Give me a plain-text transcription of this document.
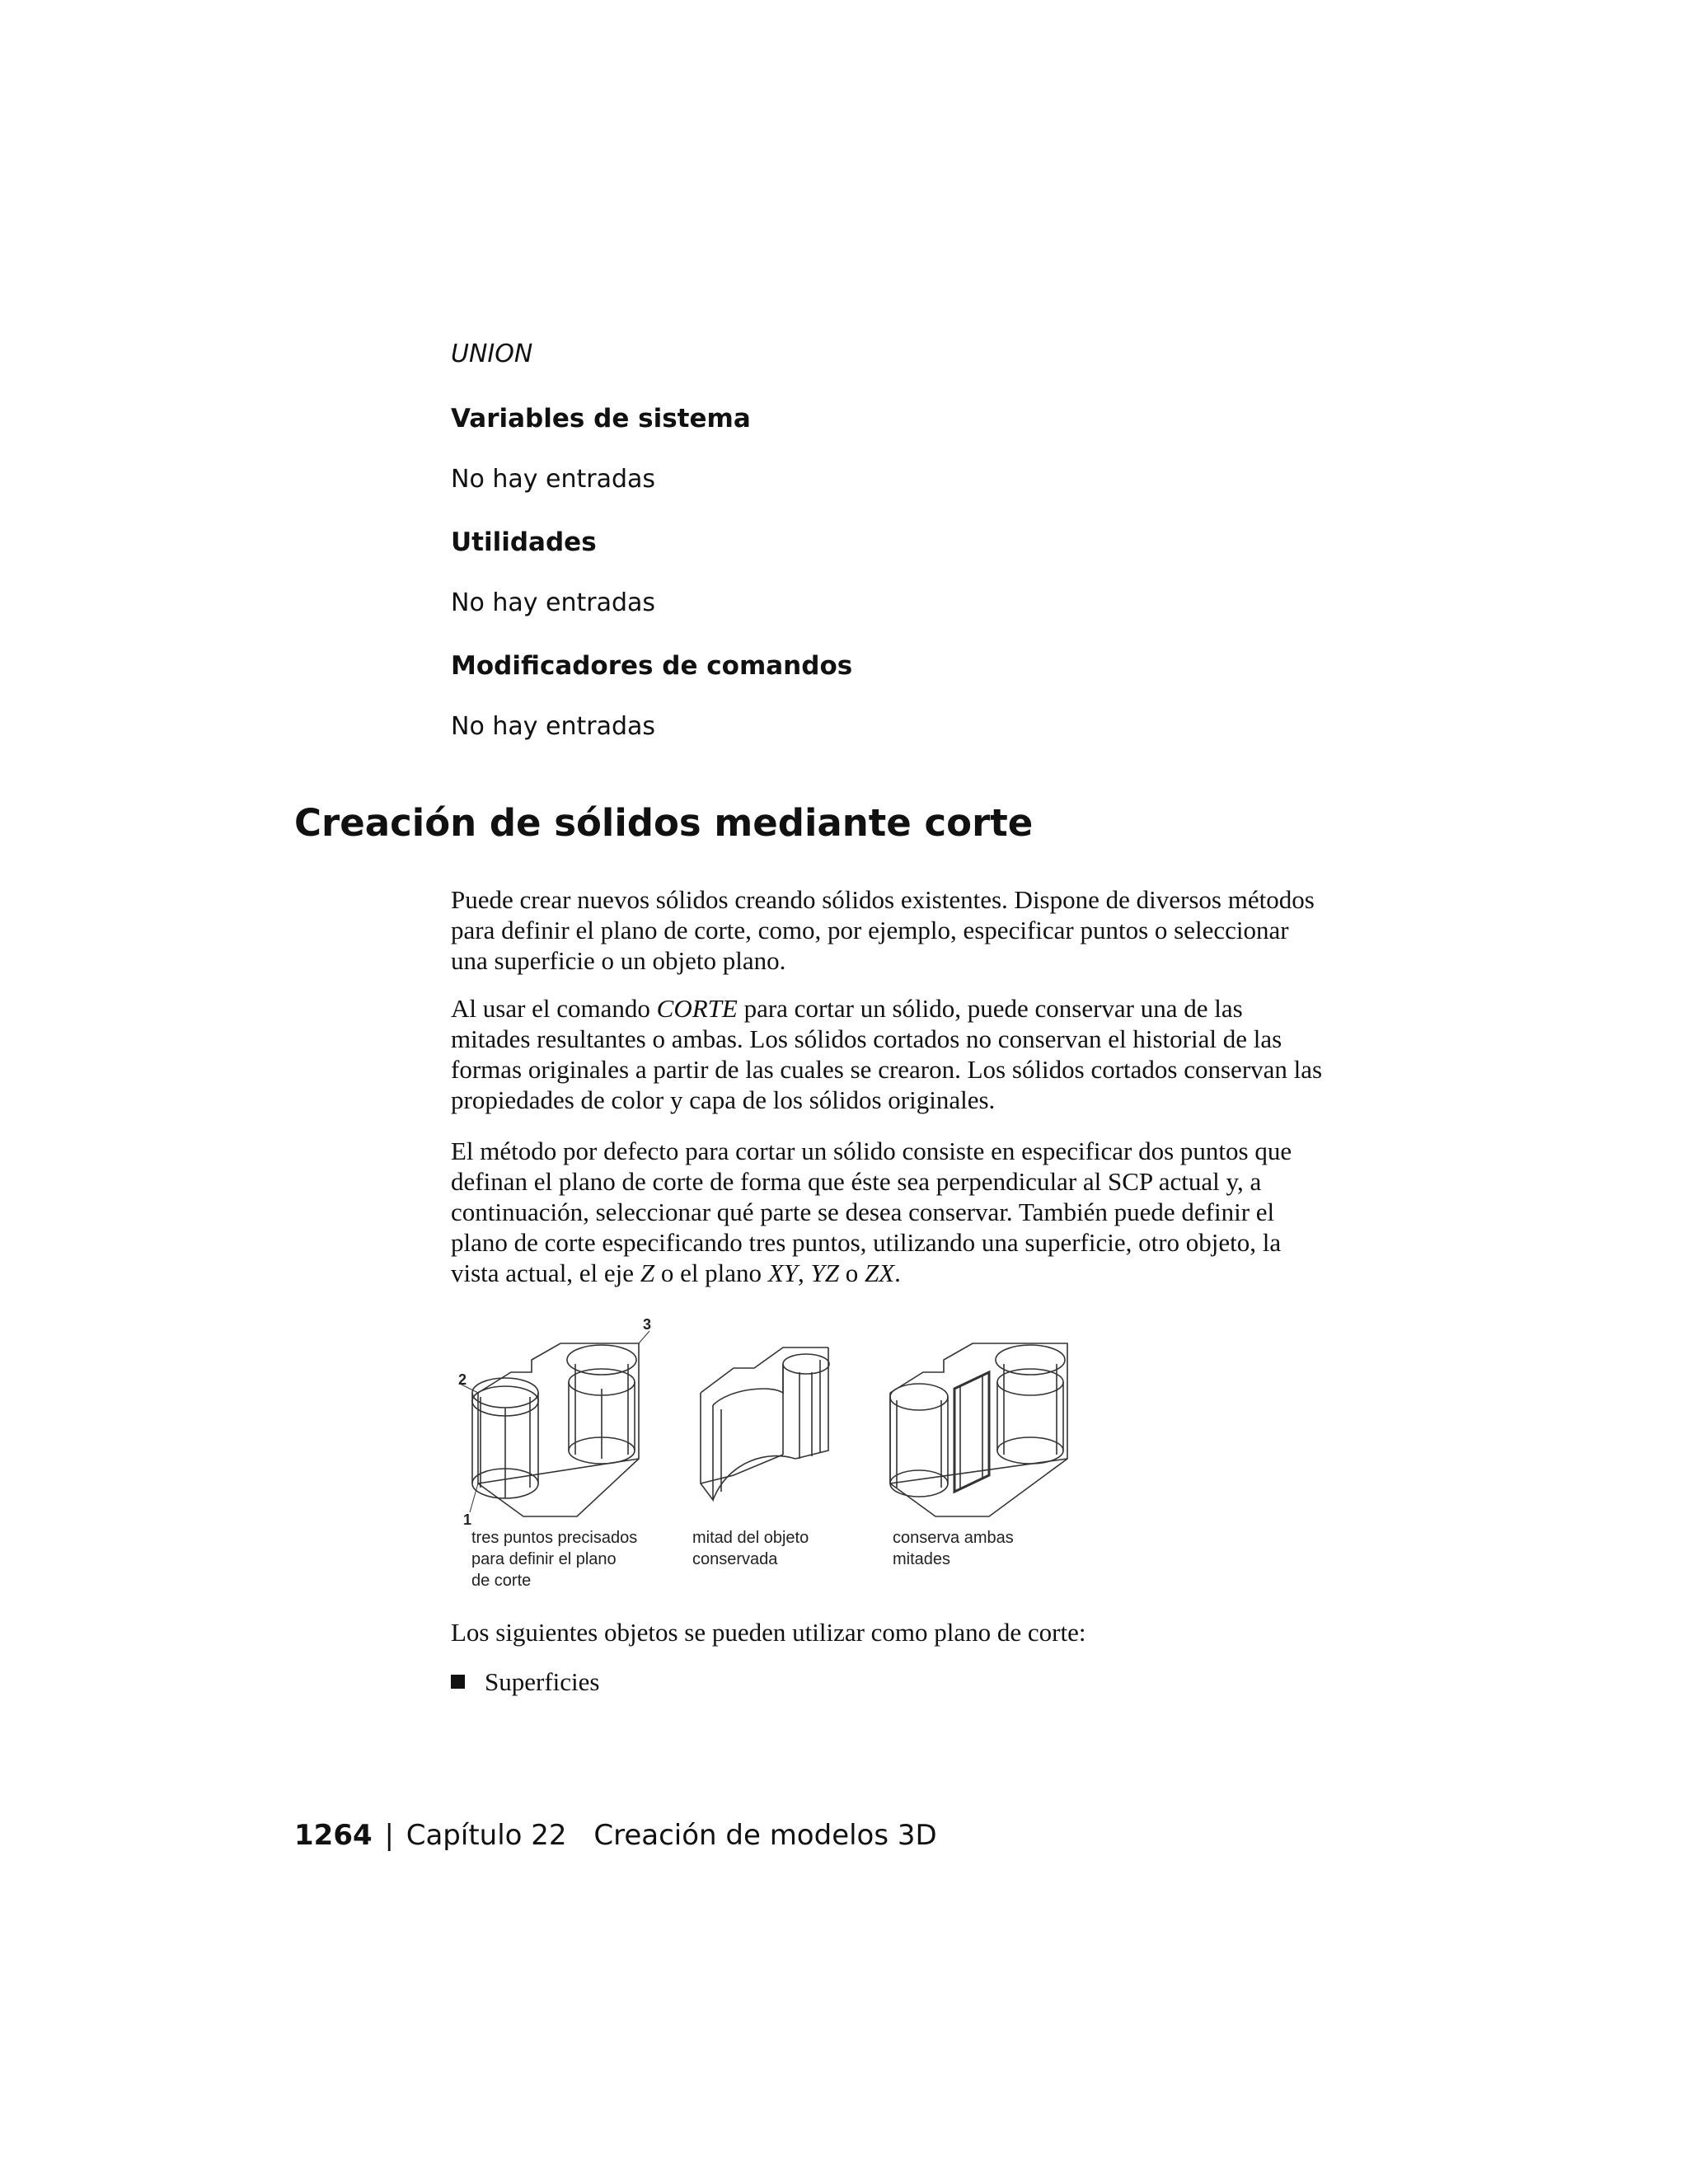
UNION
Variables de sistema
No hay entradas
Utilidades
No hay entradas
Modificadores de comandos
No hay entradas
Creación de sólidos mediante corte

Puede crear nuevos sólidos creando sólidos existentes. Dispone de diversos métodos para definir el plano de corte, como, por ejemplo, especificar puntos o seleccionar una superficie o un objeto plano.

Al usar el comando CORTE para cortar un sólido, puede conservar una de las mitades resultantes o ambas. Los sólidos cortados no conservan el historial de las formas originales a partir de las cuales se crearon. Los sólidos cortados conservan las propiedades de color y capa de los sólidos originales.

El método por defecto para cortar un sólido consiste en especificar dos puntos que definan el plano de corte de forma que éste sea perpendicular al SCP actual y, a continuación, seleccionar qué parte se desea conservar. También puede definir el plano de corte especificando tres puntos, utilizando una superficie, otro objeto, la vista actual, el eje Z o el plano XY, YZ o ZX.

1
2
3
tres puntos precisados
para definir el plano
de corte
mitad del objeto
conservada
conserva ambas
mitades

Los siguientes objetos se pueden utilizar como plano de corte:

Superficies
1264 | Capítulo 22 Creación de modelos 3D
